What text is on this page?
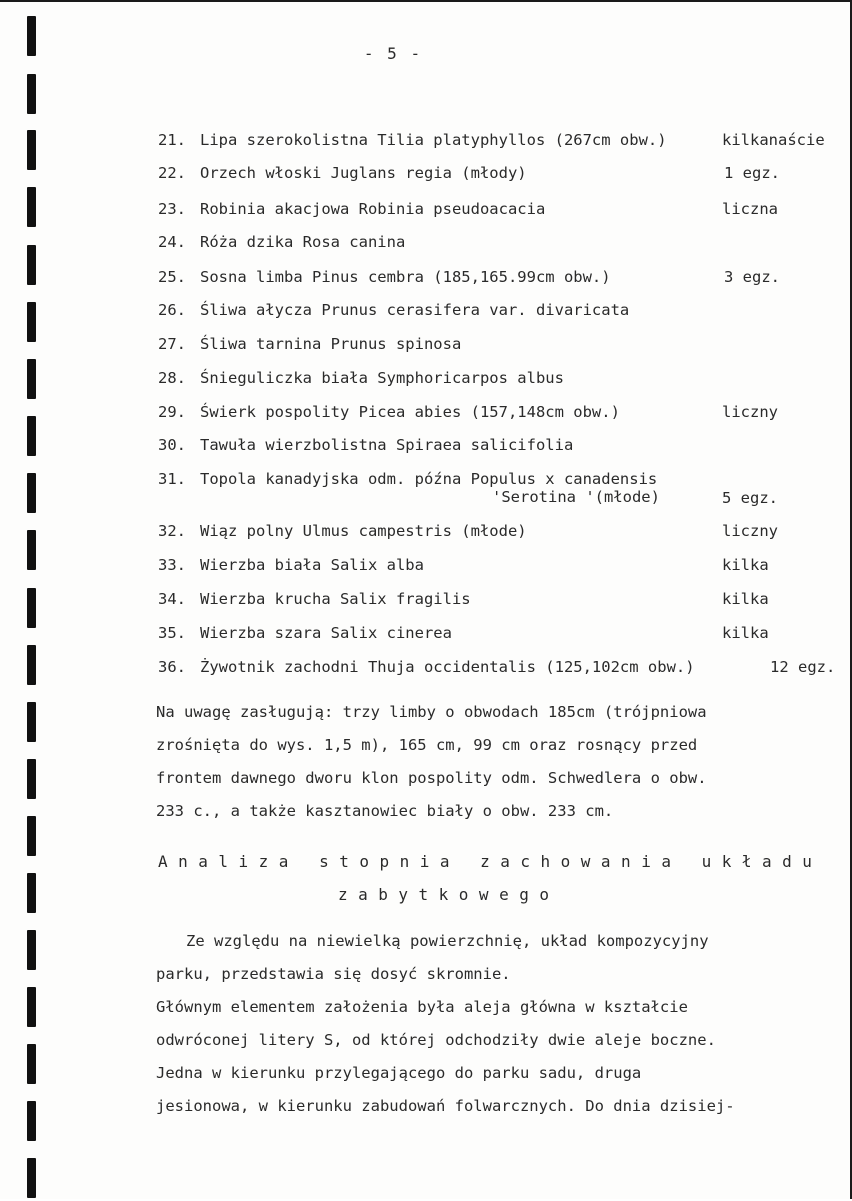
- 5 -
21. Lipa szerokolistna Tilia platyphyllos (267cm obw.)	kilkanaście
22. Orzech włoski Juglans regia (młody)	1 egz.
23. Robinia akacjowa Robinia pseudoacacia	liczna
24. Róża dzika Rosa canina
25. Sosna limba Pinus cembra (185,165.99cm obw.)	3 egz.
26. Śliwa ałycza Prunus cerasifera var. divaricata
27. Śliwa tarnina Prunus spinosa
28. Śnieguliczka biała Symphoricarpos albus
29. Świerk pospolity Picea abies (157,148cm obw.)	liczny
30. Tawuła wierzbolistna Spiraea salicifolia
31. Topola kanadyjska odm. późna Populus x canadensis
'Serotina '(młode)	5 egz.
32. Wiąz polny Ulmus campestris (młode)	liczny
33. Wierzba biała Salix alba	kilka
34. Wierzba krucha Salix fragilis	kilka
35. Wierzba szara Salix cinerea	kilka
36. Żywotnik zachodni Thuja occidentalis (125,102cm obw.)	12 egz.
Na uwagę zasługują: trzy limby o obwodach 185cm (trójpniowa
zrośnięta do wys. 1,5 m), 165 cm, 99 cm oraz rosnący przed
frontem dawnego dworu klon pospolity odm. Schwedlera o obw.
233 c., a także kasztanowiec biały o obw. 233 cm.
Analiza stopnia zachowania układu
zabytkowego
Ze względu na niewielką powierzchnię, układ kompozycyjny
parku, przedstawia się dosyć skromnie.
Głównym elementem założenia była aleja główna w kształcie
odwróconej litery S, od której odchodziły dwie aleje boczne.
Jedna w kierunku przylegającego do parku sadu, druga
jesionowa, w kierunku zabudowań folwarcznych. Do dnia dzisiej-
